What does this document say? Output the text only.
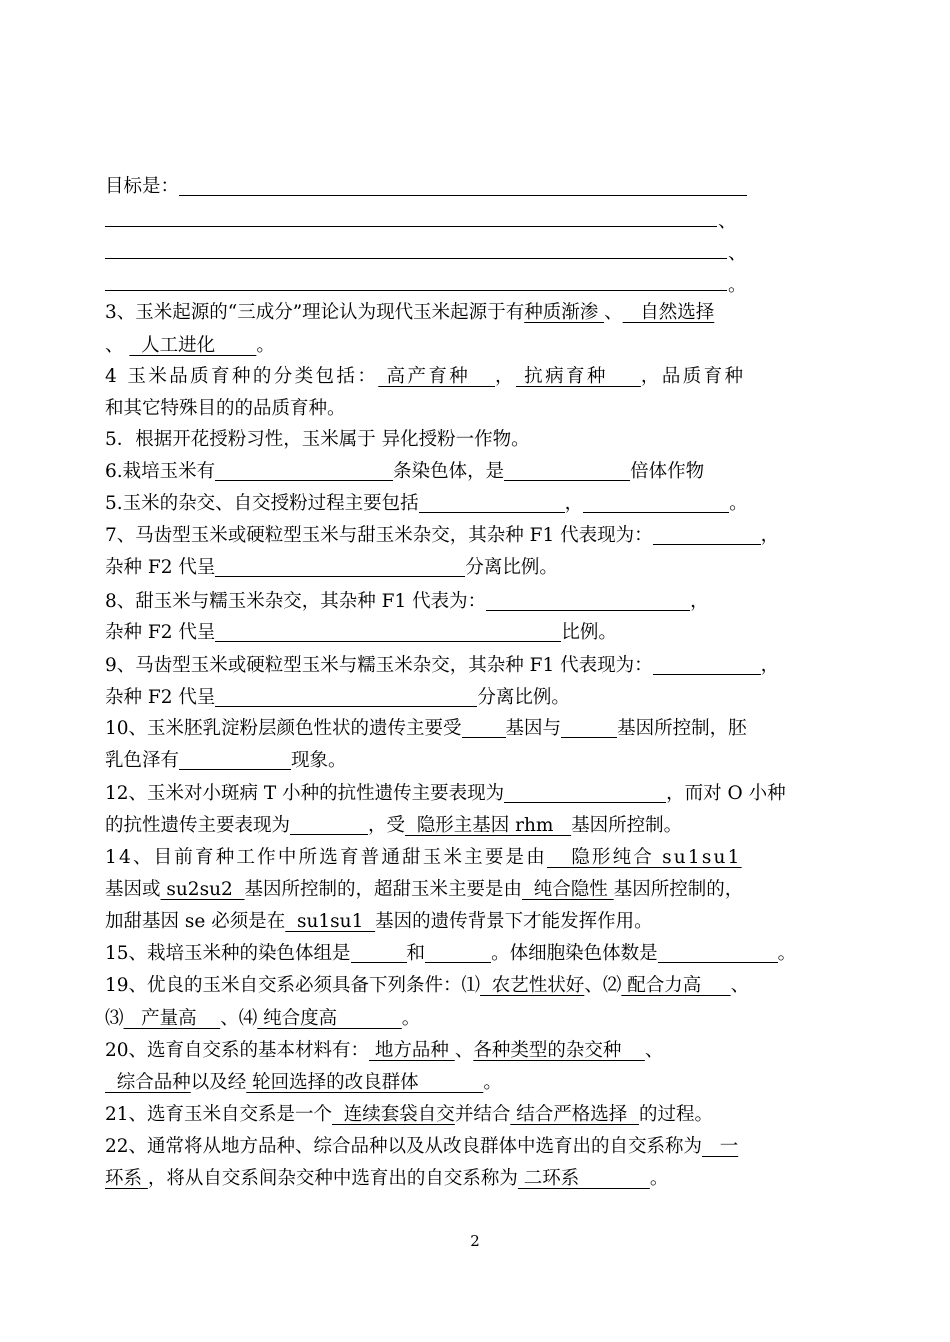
目标是：
、
、
。
3、玉米起源的“三成分”理论认为现代玉米起源于有种质渐渗 、   自然选择
、   人工进化       。
4 玉米品质育种的分类包括： 高产育种   ， 抗病育种    ，品质育种
和其它特殊目的的品质育种。
5．根据开花授粉习性，玉米属于 异化授粉一作物。
6.栽培玉米有	条染色体，是	倍体作物
5.玉米的杂交、自交授粉过程主要包括	，	。
7、马齿型玉米或硬粒型玉米与甜玉米杂交，其杂种 F1 代表现为：	，
杂种 F2 代呈	分离比例。
8、甜玉米与糯玉米杂交，其杂种 F1 代表为：	，
杂种 F2 代呈	比例。
9、马齿型玉米或硬粒型玉米与糯玉米杂交，其杂种 F1 代表现为：	，
杂种 F2 代呈	分离比例。
10、玉米胚乳淀粉层颜色性状的遗传主要受 基因与	基因所控制，胚
乳色泽有	现象。
12、玉米对小斑病 T 小种的抗性遗传主要表现为	，而对 O 小种
的抗性遗传主要表现为	，受  隐形主基因 rhm   基因所控制。
14、目前育种工作中所选育普通甜玉米主要是由   隐形纯合 su1su1
基因或 su2su2  基因所控制的，超甜玉米主要是由  纯合隐性 基因所控制的，
加甜基因 se 必须是在  su1su1  基因的遗传背景下才能发挥作用。
15、栽培玉米种的染色体组是	和	。体细胞染色体数是	。
19、优良的玉米自交系必须具备下列条件：⑴  农艺性状好、⑵ 配合力高     、
⑶   产量高    、⑷ 纯合度高           。
20、选育自交系的基本材料有： 地方品种 、各种类型的杂交种    、
综合品种以及经 轮回选择的改良群体           。
21、选育玉米自交系是一个  连续套袋自交并结合 结合严格选择  的过程。
22、通常将从地方品种、综合品种以及从改良群体中选育出的自交系称为   一
环系 ，将从自交系间杂交种中选育出的自交系称为 二环系            。
2
